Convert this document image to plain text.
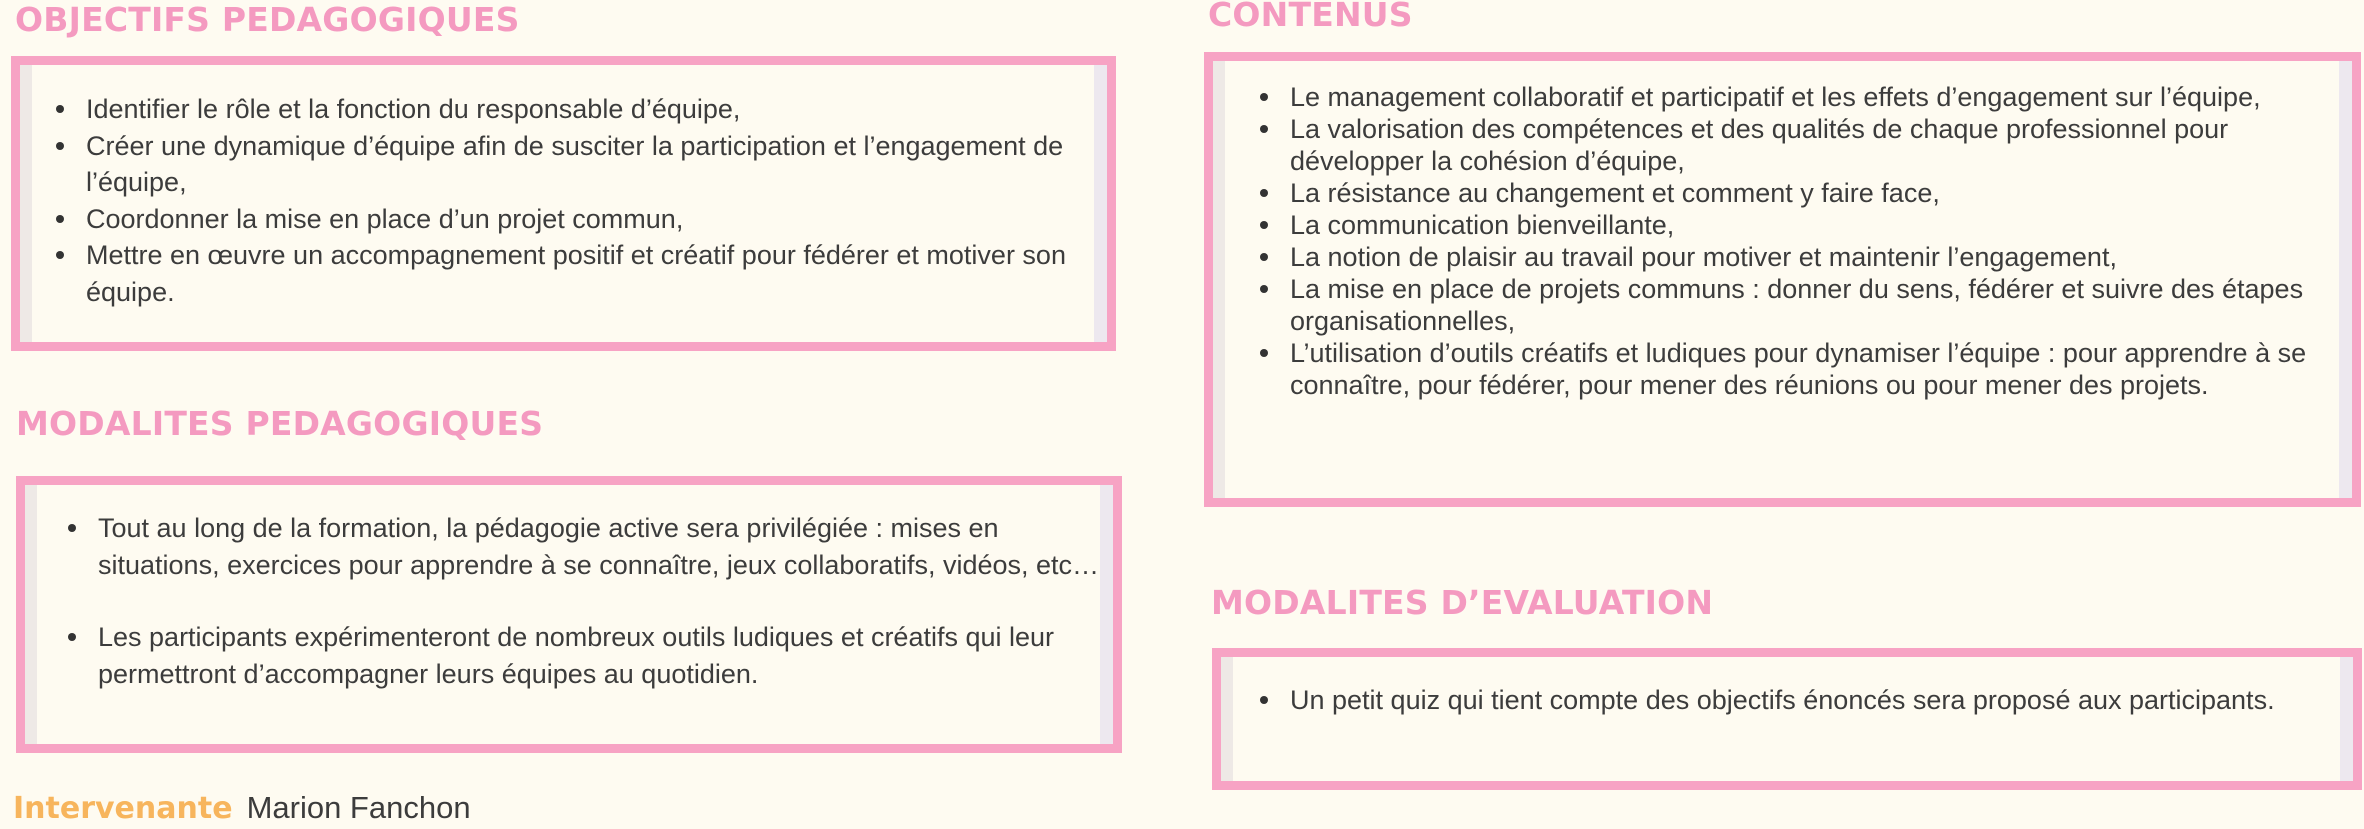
OBJECTIFS PEDAGOGIQUES
Identifier le rôle et la fonction du responsable d’équipe,
Créer une dynamique d’équipe afin de susciter la participation et l’engagement de l’équipe,
Coordonner la mise en place d’un projet commun,
Mettre en œuvre un accompagnement positif et créatif pour fédérer et motiver son équipe.
MODALITES PEDAGOGIQUES
Tout au long de la formation, la pédagogie active sera privilégiée : mises en situations, exercices pour apprendre à se connaître, jeux collaboratifs, vidéos, etc…
Les participants expérimenteront de nombreux outils ludiques et créatifs qui leur permettront d’accompagner leurs équipes au quotidien.
Intervenante Marion Fanchon
CONTENUS
Le management collaboratif et participatif et les effets d’engagement sur l’équipe,
La valorisation des compétences et des qualités de chaque professionnel pour développer la cohésion d’équipe,
La résistance au changement et comment y faire face,
La communication bienveillante,
La notion de plaisir au travail pour motiver et maintenir l’engagement,
La mise en place de projets communs : donner du sens, fédérer et suivre des étapes organisationnelles,
L’utilisation d’outils créatifs et ludiques pour dynamiser l’équipe : pour apprendre à se connaître, pour fédérer, pour mener des réunions ou pour mener des projets.
MODALITES D’EVALUATION
Un petit quiz qui tient compte des objectifs énoncés sera proposé aux participants.
